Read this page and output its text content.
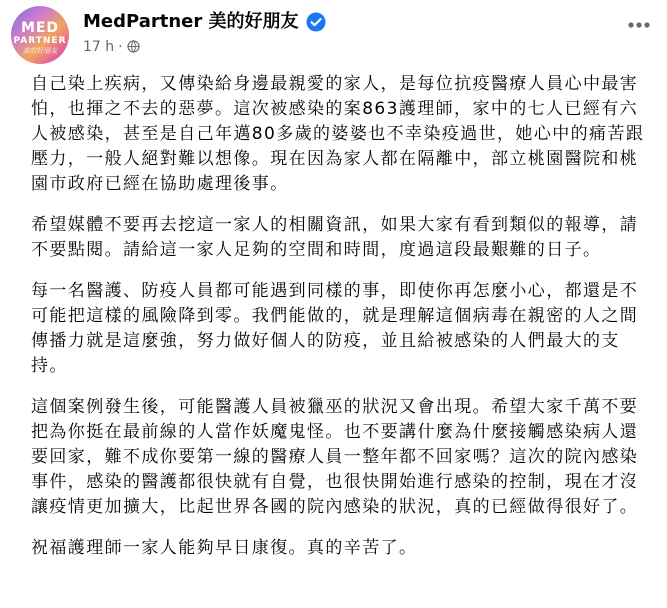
MED
PARTNER
美的好朋友
MedPartner 美的好朋友
17 h ·

自己染上疾病，又傳染給身邊最親愛的家人，是每位抗疫醫療人員心中最害怕，也揮之不去的惡夢。這次被感染的案863護理師，家中的七人已經有六人被感染，甚至是自己年邁80多歲的婆婆也不幸染疫過世，她心中的痛苦跟壓力，一般人絕對難以想像。現在因為家人都在隔離中，部立桃園醫院和桃園市政府已經在協助處理後事。

希望媒體不要再去挖這一家人的相關資訊，如果大家有看到類似的報導，請不要點閱。請給這一家人足夠的空間和時間，度過這段最艱難的日子。

每一名醫護、防疫人員都可能遇到同樣的事，即使你再怎麼小心，都還是不可能把這樣的風險降到零。我們能做的，就是理解這個病毒在親密的人之間傳播力就是這麼強，努力做好個人的防疫，並且給被感染的人們最大的支持。

這個案例發生後，可能醫護人員被獵巫的狀況又會出現。希望大家千萬不要把為你挺在最前線的人當作妖魔鬼怪。也不要講什麼為什麼接觸感染病人還要回家，難不成你要第一線的醫療人員一整年都不回家嗎？這次的院內感染事件，感染的醫護都很快就有自覺，也很快開始進行感染的控制，現在才沒讓疫情更加擴大，比起世界各國的院內感染的狀況，真的已經做得很好了。

祝福護理師一家人能夠早日康復。真的辛苦了。
